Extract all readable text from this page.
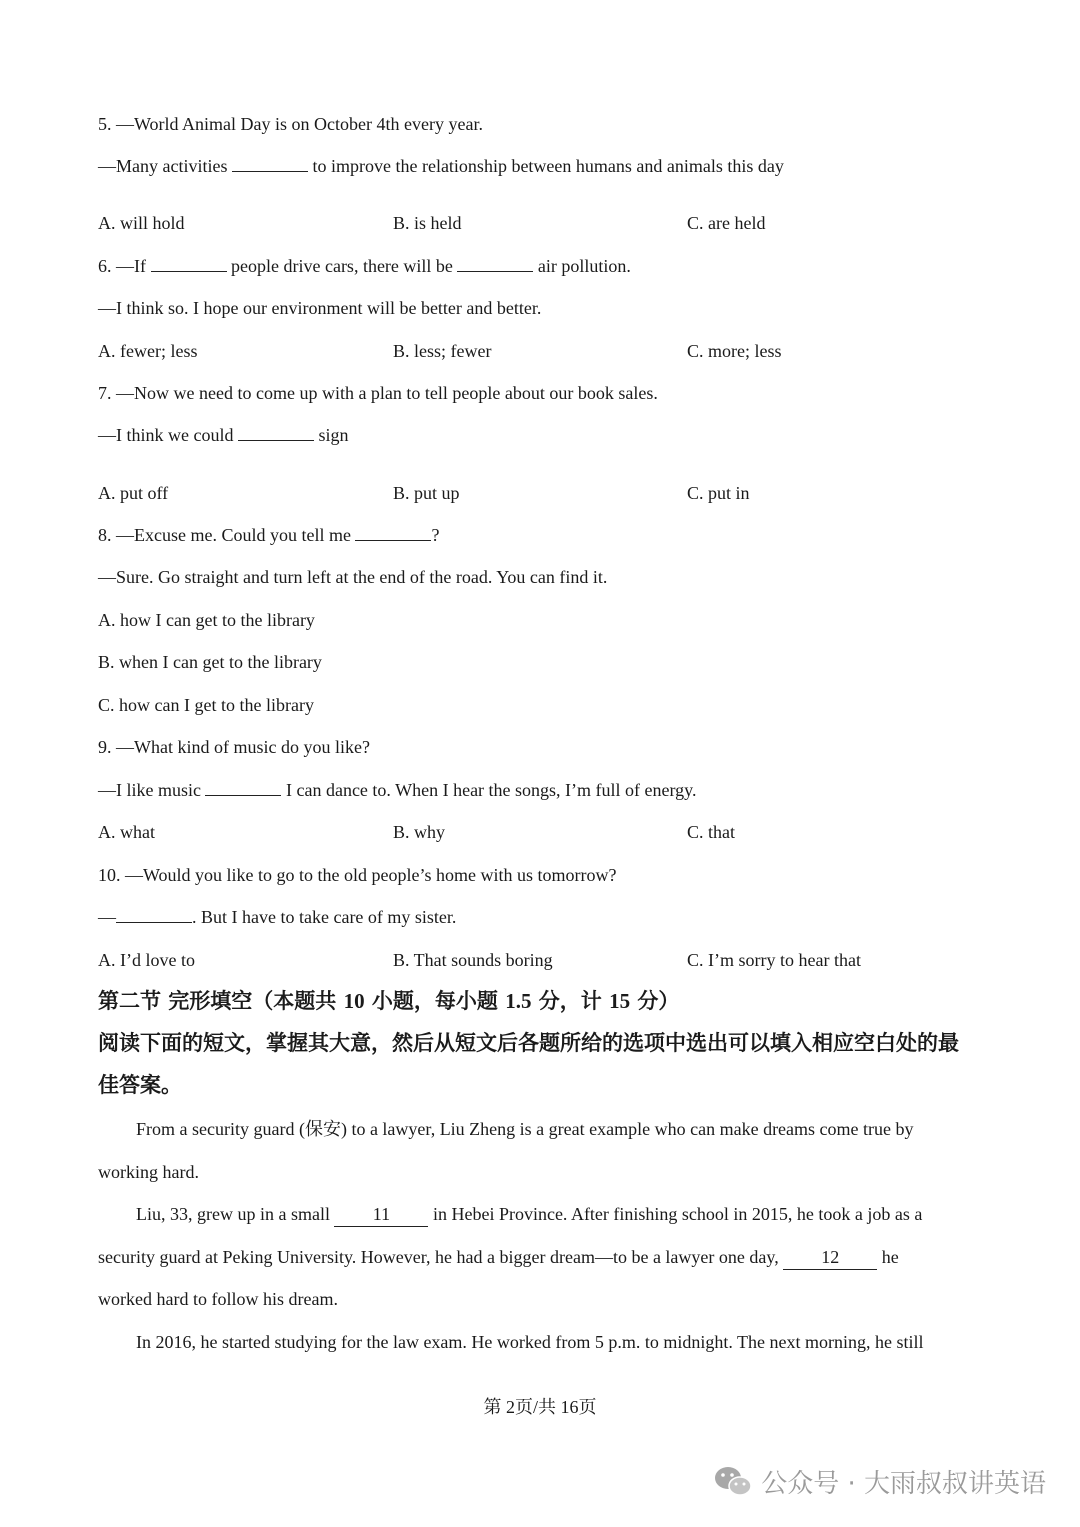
5. —World Animal Day is on October 4th every year.
—Many activities	to improve the relationship between humans and animals this day
A. will hold	B. is held	C. are held
6. —If	people drive cars, there will be	air pollution.
—I think so. I hope our environment will be better and better.
A. fewer; less	B. less; fewer	C. more; less
7. —Now we need to come up with a plan to tell people about our book sales.
—I think we could	sign
A. put off	B. put up	C. put in
8. —Excuse me. Could you tell me	?
—Sure. Go straight and turn left at the end of the road. You can find it.
A. how I can get to the library
B. when I can get to the library
C. how can I get to the library
9. —What kind of music do you like?
—I like music	I can dance to. When I hear the songs, I’m full of energy.
A. what	B. why	C. that
10. —Would you like to go to the old people’s home with us tomorrow?
—	. But I have to take care of my sister.
A. I’d love to	B. That sounds boring	C. I’m sorry to hear that
第二节 完形填空（本题共 10 小题，每小题 1.5 分，计 15 分）
阅读下面的短文，掌握其大意，然后从短文后各题所给的选项中选出可以填入相应空白处的最
佳答案。
From a security guard (保安) to a lawyer, Liu Zheng is a great example who can make dreams come true by
working hard.
Liu, 33, grew up in a small 11 in Hebei Province. After finishing school in 2015, he took a job as a
security guard at Peking University. However, he had a bigger dream—to be a lawyer one day, 12 he
worked hard to follow his dream.
In 2016, he started studying for the law exam. He worked from 5 p.m. to midnight. The next morning, he still
第 2页/共 16页
公众号 · 大雨叔叔讲英语
